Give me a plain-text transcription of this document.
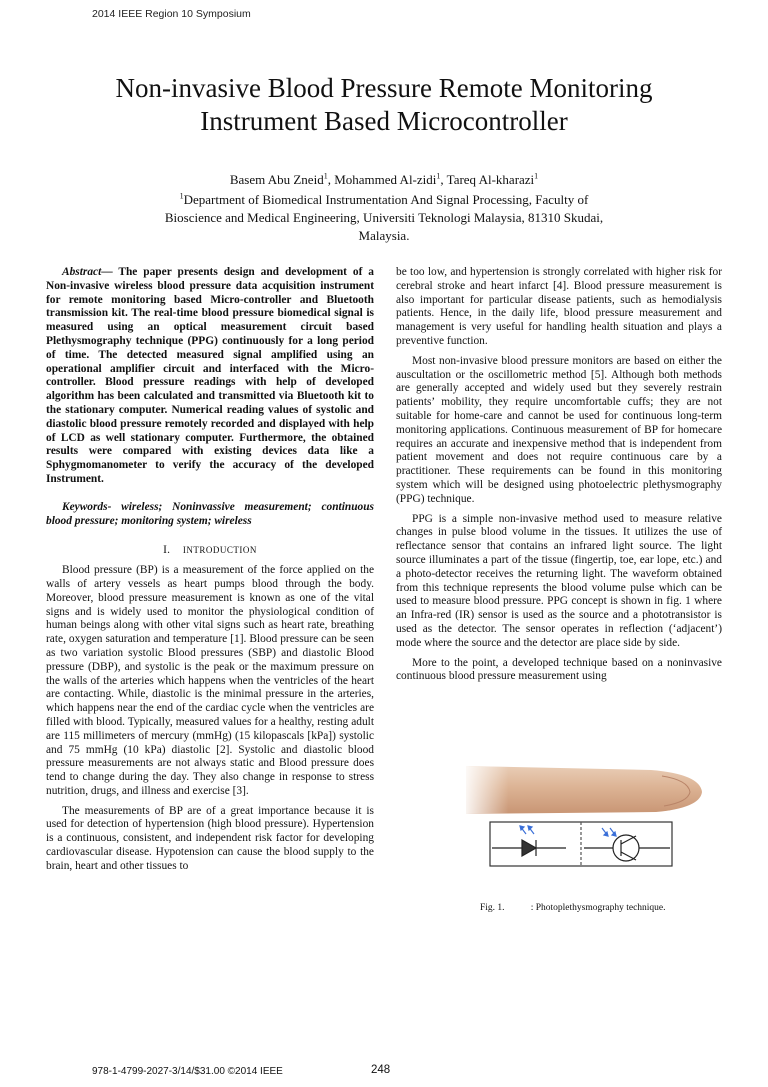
2014 IEEE Region 10 Symposium
Non-invasive Blood Pressure Remote Monitoring
Instrument Based Microcontroller
Basem Abu Zneid$^1$, Mohammed Al-zidi$^1$, Tareq Al-kharazi$^1$
$^1$Department of Biomedical Instrumentation And Signal Processing, Faculty of
Bioscience and Medical Engineering, Universiti Teknologi Malaysia, 81310 Skudai,
Malaysia.

Abstract— The paper presents design and development of a Non-invasive wireless blood pressure data acquisition instrument for remote monitoring based Micro-controller and Bluetooth transmission kit. The real-time blood pressure biomedical signal is measured using an optical measurement circuit based Plethysmography technique (PPG) continuously for a long period of time. The detected measured signal amplified using an operational amplifier circuit and interfaced with the Micro-controller. Blood pressure readings with help of developed algorithm has been calculated and transmitted via Bluetooth kit to the stationary computer. Numerical reading values of systolic and diastolic blood pressure remotely recorded and displayed with help of LCD as well stationary computer. Furthermore, the obtained results were compared with existing devices data like a Sphygmomanometer to verify the accuracy of the developed Instrument.

Keywords- wireless; Noninvassive measurement; continuous blood pressure; monitoring system; wireless

I. INTRODUCTION

Blood pressure (BP) is a measurement of the force applied on the walls of artery vessels as heart pumps blood through the body. Moreover, blood pressure measurement is known as one of the vital signs and is widely used to monitor the physiological condition of human beings along with other vital signs such as heart rate, breathing rate, oxygen saturation and temperature [1]. Blood pressure can be seen as two variation systolic Blood pressures (SBP) and diastolic Blood pressure (DBP), and systolic is the peak or the maximum pressure on the walls of the arteries which happens when the ventricles of the heart are contacting. While, diastolic is the minimal pressure in the arteries, which happens near the end of the cardiac cycle when the ventricles are filled with blood. Typically, measured values for a healthy, resting adult are 115 millimeters of mercury (mmHg) (15 kilopascals [kPa]) systolic and 75 mmHg (10 kPa) diastolic [2]. Systolic and diastolic blood pressure measurements are not always static and Blood pressure does tend to change during the day. They also change in response to stress nutrition, drugs, and illness and exercise [3].

The measurements of BP are of a great importance because it is used for detection of hypertension (high blood pressure). Hypertension is a continuous, consistent, and independent risk factor for developing cardiovascular disease. Hypotension can cause the blood supply to the brain, heart and other tissues to

be too low, and hypertension is strongly correlated with higher risk for cerebral stroke and heart infarct [4]. Blood pressure measurement is also important for particular disease patients, such as hemodialysis patients. Hence, in the daily life, blood pressure measurement and management is very useful for handling health situation and plays a preventive function.

Most non-invasive blood pressure monitors are based on either the auscultation or the oscillometric method [5]. Although both methods are generally accepted and widely used but they severely restrain patients’ mobility, they require uncomfortable cuffs; they are not suitable for home-care and cannot be used for continuous long-term monitoring applications. Continuous measurement of BP for homecare requires an accurate and inexpensive method that is independent from patient movement and does not require continuous care by a practitioner. These requirements can be found in this monitoring system which will be designed using photoelectric plethysmography (PPG) technique.

PPG is a simple non-invasive method used to measure relative changes in pulse blood volume in the tissues. It utilizes the use of reflectance sensor that contains an infrared light source. The light source illuminates a part of the tissue (fingertip, toe, ear lope, etc.) and a photo-detector receives the returning light. The waveform obtained from this technique represents the blood volume pulse which can be used to measure blood pressure. PPG concept is shown in fig. 1 where an Infra-red (IR) sensor is used as the source and a phototransistor is used as the detector. The sensor operates in reflection (‘adjacent’) mode where the source and the detector are place side by side.

More to the point, a developed technique based on a noninvasive continuous blood pressure measurement using

Fig. 1.	: Photoplethysmography technique.
978-1-4799-2027-3/14/$31.00 ©2014 IEEE	248
